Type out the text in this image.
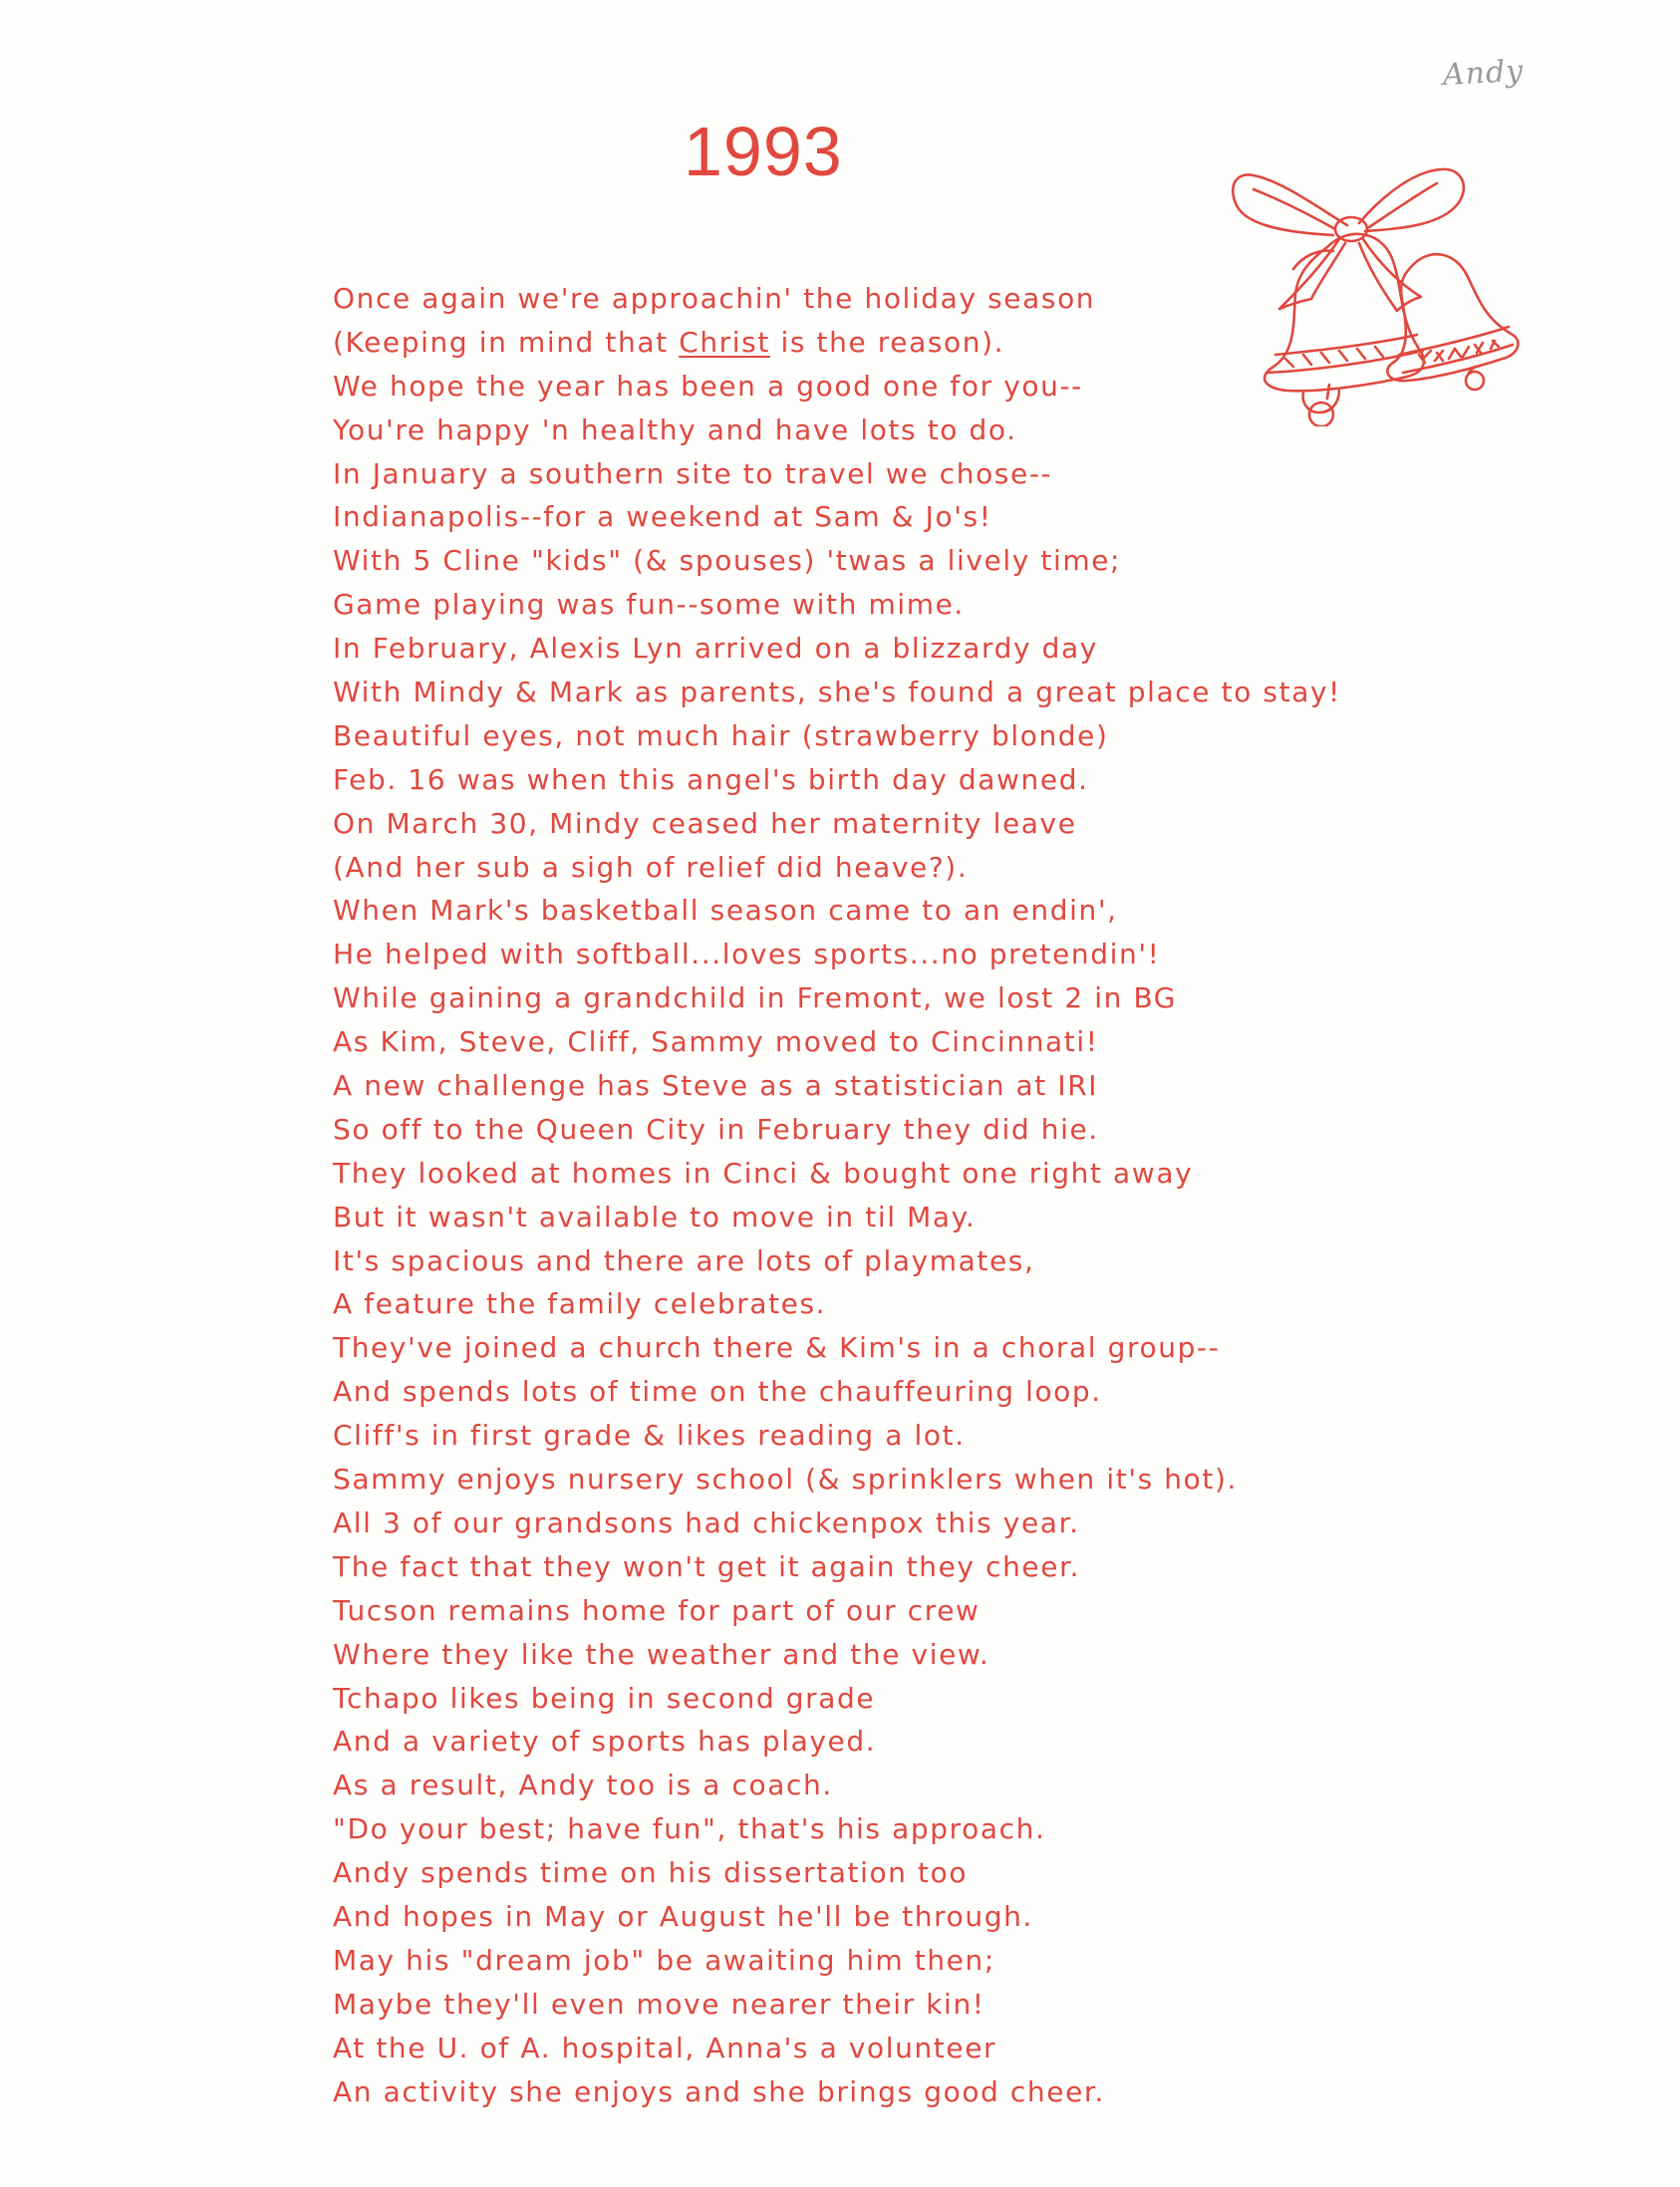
Andy
1993
Once again we're approachin' the holiday season
(Keeping in mind that Christ is the reason).
We hope the year has been a good one for you--
You're happy 'n healthy and have lots to do.
In January a southern site to travel we chose--
Indianapolis--for a weekend at Sam & Jo's!
With 5 Cline "kids" (& spouses) 'twas a lively time;
Game playing was fun--some with mime.
In February, Alexis Lyn arrived on a blizzardy day
With Mindy & Mark as parents, she's found a great place to stay!
Beautiful eyes, not much hair (strawberry blonde)
Feb. 16 was when this angel's birth day dawned.
On March 30, Mindy ceased her maternity leave
(And her sub a sigh of relief did heave?).
When Mark's basketball season came to an endin',
He helped with softball...loves sports...no pretendin'!
While gaining a grandchild in Fremont, we lost 2 in BG
As Kim, Steve, Cliff, Sammy moved to Cincinnati!
A new challenge has Steve as a statistician at IRI
So off to the Queen City in February they did hie.
They looked at homes in Cinci & bought one right away
But it wasn't available to move in til May.
It's spacious and there are lots of playmates,
A feature the family celebrates.
They've joined a church there & Kim's in a choral group--
And spends lots of time on the chauffeuring loop.
Cliff's in first grade & likes reading a lot.
Sammy enjoys nursery school (& sprinklers when it's hot).
All 3 of our grandsons had chickenpox this year.
The fact that they won't get it again they cheer.
Tucson remains home for part of our crew
Where they like the weather and the view.
Tchapo likes being in second grade
And a variety of sports has played.
As a result, Andy too is a coach.
"Do your best; have fun", that's his approach.
Andy spends time on his dissertation too
And hopes in May or August he'll be through.
May his "dream job" be awaiting him then;
Maybe they'll even move nearer their kin!
At the U. of A. hospital, Anna's a volunteer
An activity she enjoys and she brings good cheer.
